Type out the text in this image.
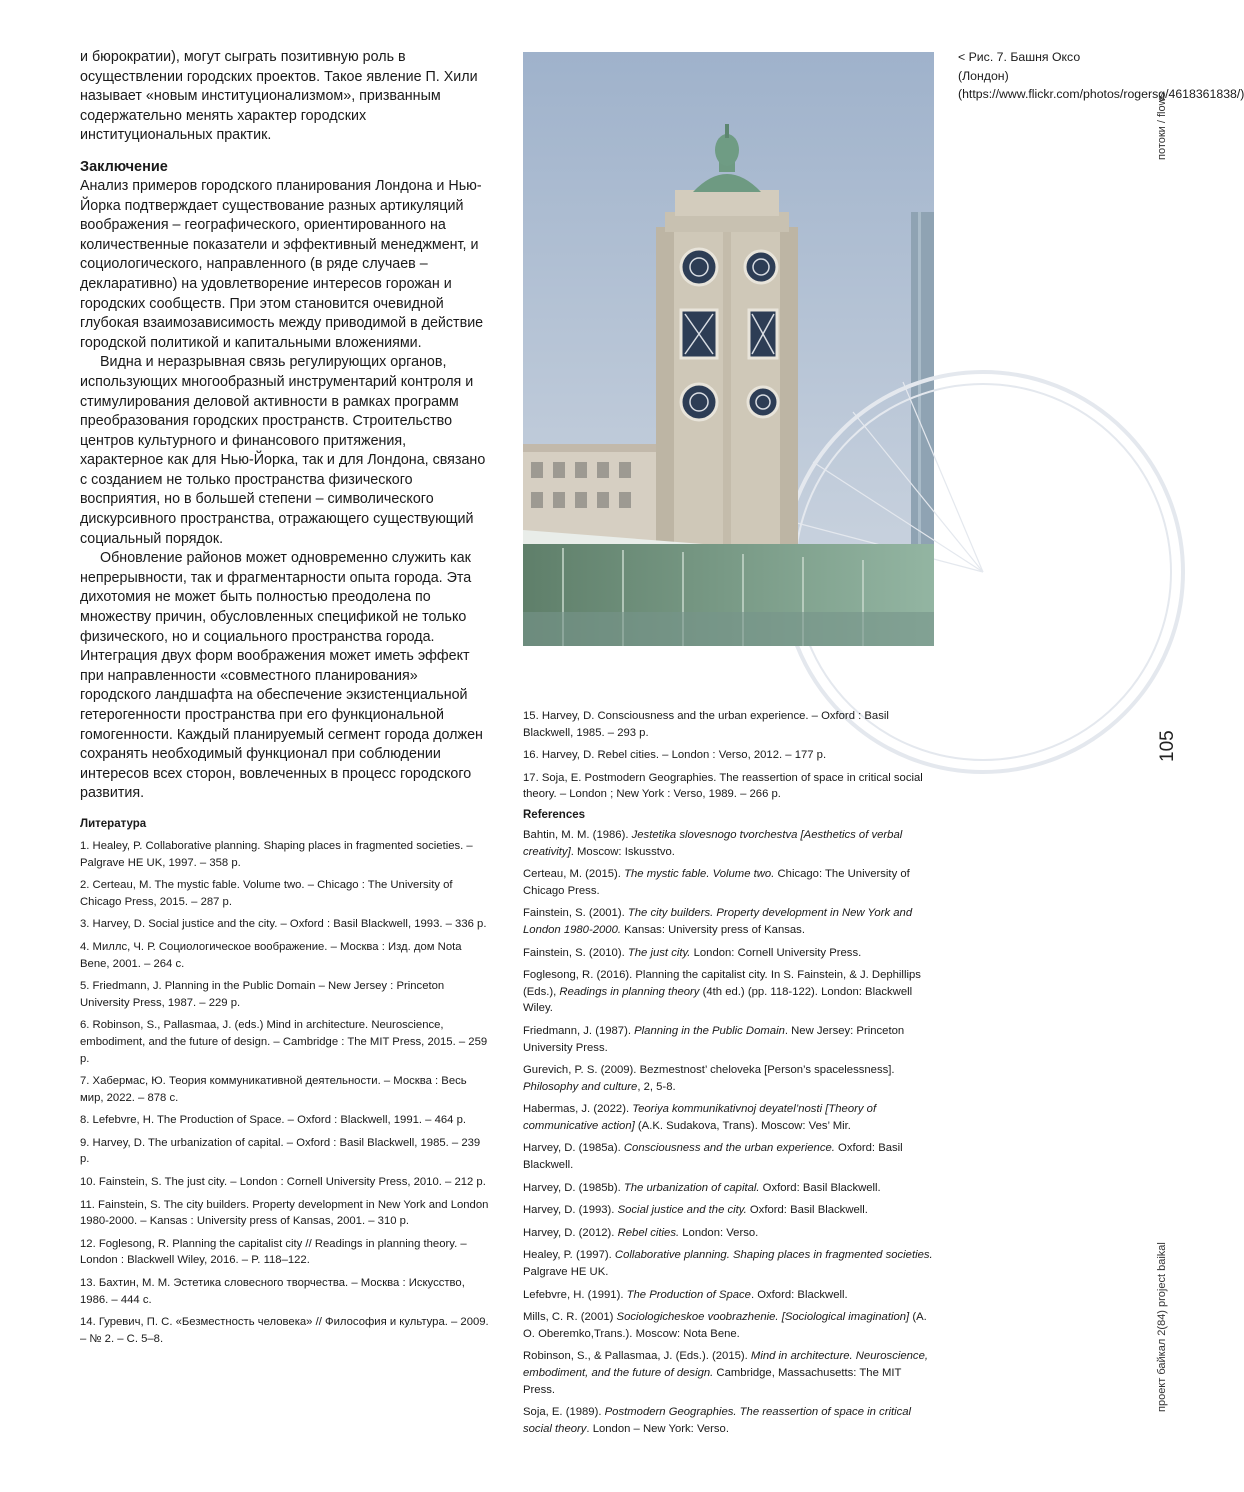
и бюрократии), могут сыграть позитивную роль в осуществлении городских проектов. Такое явление П. Хили называет «новым институционализмом», призванным содержательно менять характер городских институциональных практик.

Заключение

Анализ примеров городского планирования Лондона и Нью-Йорка подтверждает существование разных артикуляций воображения – географического, ориентированного на количественные показатели и эффективный менеджмент, и социологического, направленного (в ряде случаев – декларативно) на удовлетворение интересов горожан и городских сообществ. При этом становится очевидной глубокая взаимозависимость между приводимой в действие городской политикой и капитальными вложениями.

Видна и неразрывная связь регулирующих органов, использующих многообразный инструментарий контроля и стимулирования деловой активности в рамках программ преобразования городских пространств. Строительство центров культурного и финансового притяжения, характерное как для Нью-Йорка, так и для Лондона, связано с созданием не только пространства физического восприятия, но в большей степени – символического дискурсивного пространства, отражающего существующий социальный порядок.

Обновление районов может одновременно служить как непрерывности, так и фрагментарности опыта города. Эта дихотомия не может быть полностью преодолена по множеству причин, обусловленных спецификой не только физического, но и социального пространства города. Интеграция двух форм воображения может иметь эффект при направленности «совместного планирования» городского ландшафта на обеспечение экзистенциальной гетерогенности пространства при его функциональной гомогенности. Каждый планируемый сегмент города должен сохранять необходимый функционал при соблюдении интересов всех сторон, вовлеченных в процесс городского развития.

Литература

1. Healey, P. Collaborative planning. Shaping places in fragmented societies. – Palgrave HE UK, 1997. – 358 p.
2. Certeau, M. The mystic fable. Volume two. – Chicago : The University of Chicago Press, 2015. – 287 p.
3. Harvey, D. Social justice and the city. – Oxford : Basil Blackwell, 1993. – 336 p.
4. Миллс, Ч. Р. Социологическое воображение. – Москва : Изд. дом Nota Bene, 2001. – 264 с.
5. Friedmann, J. Planning in the Public Domain – New Jersey : Princeton University Press, 1987. – 229 p.
6. Robinson, S., Pallasmaa, J. (eds.) Mind in architecture. Neuroscience, embodiment, and the future of design. – Cambridge : The MIT Press, 2015. – 259 p.
7. Хабермас, Ю. Теория коммуникативной деятельности. – Москва : Весь мир, 2022. – 878 с.
8. Lefebvre, H. The Production of Space. – Oxford : Blackwell, 1991. – 464 p.
9. Harvey, D. The urbanization of capital. – Oxford : Basil Blackwell, 1985. – 239 p.
10. Fainstein, S. The just city. – London : Cornell University Press, 2010. – 212 p.
11. Fainstein, S. The city builders. Property development in New York and London 1980-2000. – Kansas : University press of Kansas, 2001. – 310 p.
12. Foglesong, R. Planning the capitalist city // Readings in planning theory. – London : Blackwell Wiley, 2016. – P. 118–122.
13. Бахтин, М. М. Эстетика словесного творчества. – Москва : Искусство, 1986. – 444 с.
14. Гуревич, П. С. «Безместность человека» // Философия и культура. – 2009. – № 2. – С. 5–8.
< Рис. 7. Башня Оксо (Лондон) (https://www.flickr.com/photos/rogersg/4618361838/)
15. Harvey, D. Consciousness and the urban experience. – Oxford : Basil Blackwell, 1985. – 293 p.
16. Harvey, D. Rebel cities. – London : Verso, 2012. – 177 p.
17. Soja, E. Postmodern Geographies. The reassertion of space in critical social theory. – London ; New York : Verso, 1989. – 266 p.

References

Bahtin, M. M. (1986). Jestetika slovesnogo tvorchestva [Aesthetics of verbal creativity]. Moscow: Iskusstvo.
Certeau, M. (2015). The mystic fable. Volume two. Chicago: The University of Chicago Press.
Fainstein, S. (2001). The city builders. Property development in New York and London 1980-2000. Kansas: University press of Kansas.
Fainstein, S. (2010). The just city. London: Cornell University Press.
Foglesong, R. (2016). Planning the capitalist city. In S. Fainstein, & J. Dephillips (Eds.), Readings in planning theory (4th ed.) (pp. 118-122). London: Blackwell Wiley.
Friedmann, J. (1987). Planning in the Public Domain. New Jersey: Princeton University Press.
Gurevich, P. S. (2009). Bezmestnost’ cheloveka [Person’s spacelessness]. Philosophy and culture, 2, 5-8.
Habermas, J. (2022). Teoriya kommunikativnoj deyatel’nosti [Theory of communicative action] (A.K. Sudakova, Trans). Moscow: Ves’ Mir.
Harvey, D. (1985a). Consciousness and the urban experience. Oxford: Basil Blackwell.
Harvey, D. (1985b). The urbanization of capital. Oxford: Basil Blackwell.
Harvey, D. (1993). Social justice and the city. Oxford: Basil Blackwell.
Harvey, D. (2012). Rebel cities. London: Verso.
Healey, P. (1997). Collaborative planning. Shaping places in fragmented societies. Palgrave HE UK.
Lefebvre, H. (1991). The Production of Space. Oxford: Blackwell.
Mills, C. R. (2001) Sociologicheskoe voobrazhenie. [Sociological imagination] (A. O. Oberemko,Trans.). Moscow: Nota Bene.
Robinson, S., & Pallasmaa, J. (Eds.). (2015). Mind in architecture. Neuroscience, embodiment, and the future of design. Cambridge, Massachusetts: The MIT Press.
Soja, E. (1989). Postmodern Geographies. The reassertion of space in critical social theory. London – New York: Verso.
потоки / flows
105
проект байкал 2(84) project baikal
